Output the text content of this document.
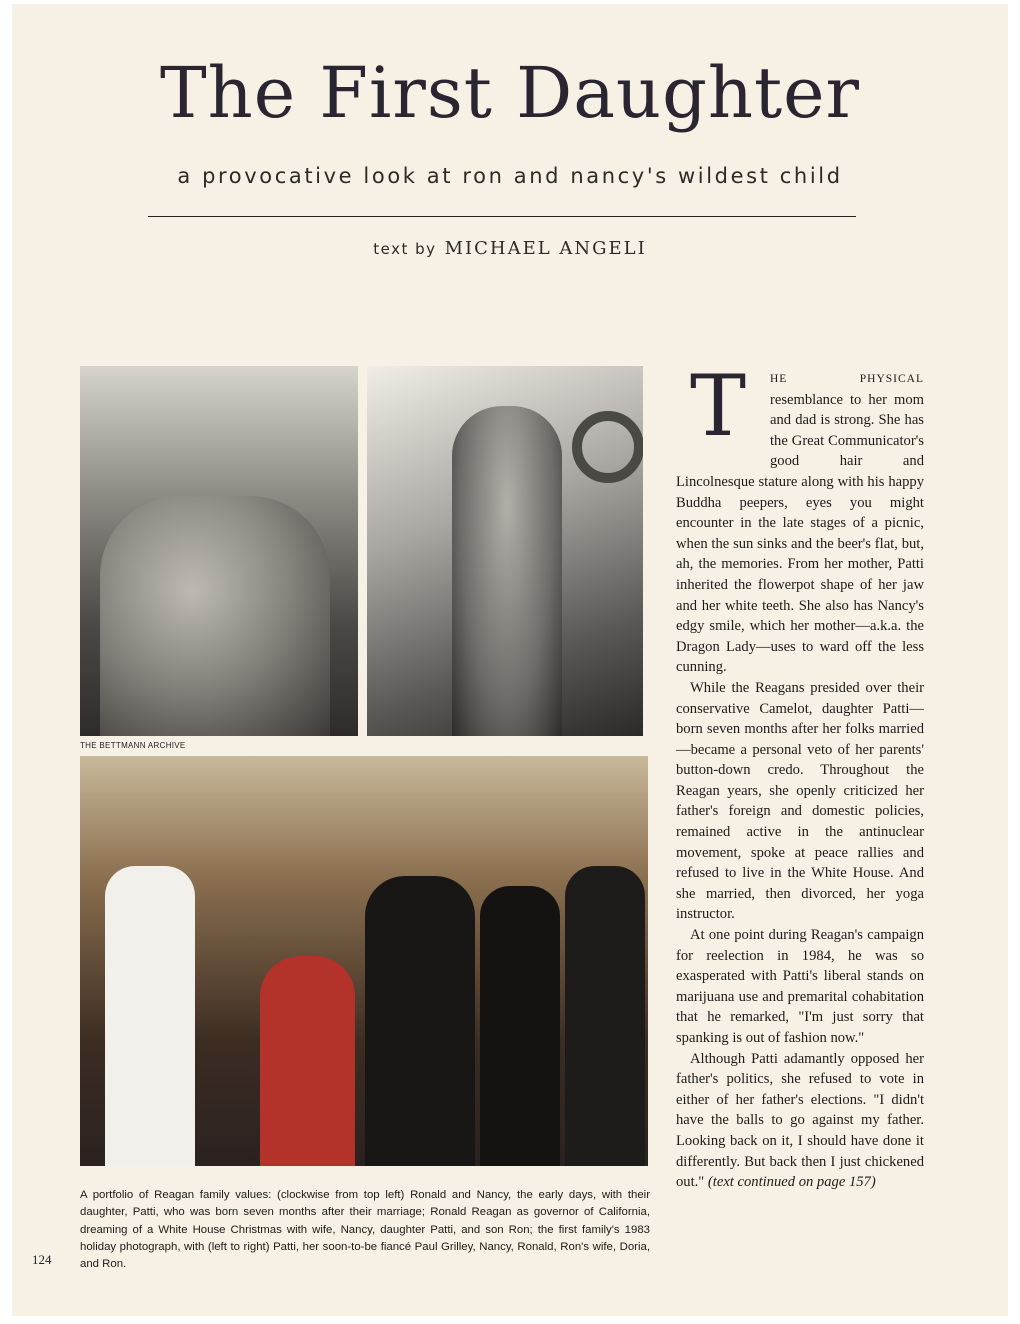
The First Daughter
a provocative look at ron and nancy's wildest child
text by MICHAEL ANGELI
THE BETTMANN ARCHIVE
A portfolio of Reagan family values: (clockwise from top left) Ronald and Nancy, the early days, with their daughter, Patti, who was born seven months after their marriage; Ronald Reagan as governor of California, dreaming of a White House Christmas with wife, Nancy, daughter Patti, and son Ron; the first family's 1983 holiday photograph, with (left to right) Patti, her soon-to-be fiancé Paul Grilley, Nancy, Ronald, Ron's wife, Doria, and Ron.
124

T	HE PHYSICAL resemblance to her mom and dad is strong. She has the Great Communicator's good hair and Lincolnesque stature along with his happy Buddha peepers, eyes you might encounter in the late stages of a picnic, when the sun sinks and the beer's flat, but, ah, the memories. From her mother, Patti inherited the flowerpot shape of her jaw and her white teeth. She also has Nancy's edgy smile, which her mother—a.k.a. the Dragon Lady—uses to ward off the less cunning.

While the Reagans presided over their conservative Camelot, daughter Patti—born seven months after her folks married—became a personal veto of her parents' button-down credo. Throughout the Reagan years, she openly criticized her father's foreign and domestic policies, remained active in the antinuclear movement, spoke at peace rallies and refused to live in the White House. And she married, then divorced, her yoga instructor.

At one point during Reagan's campaign for reelection in 1984, he was so exasperated with Patti's liberal stands on marijuana use and premarital cohabitation that he remarked, "I'm just sorry that spanking is out of fashion now."

Although Patti adamantly opposed her father's politics, she refused to vote in either of her father's elections. "I didn't have the balls to go against my father. Looking back on it, I should have done it differently. But back then I just chickened out." (text continued on page 157)
